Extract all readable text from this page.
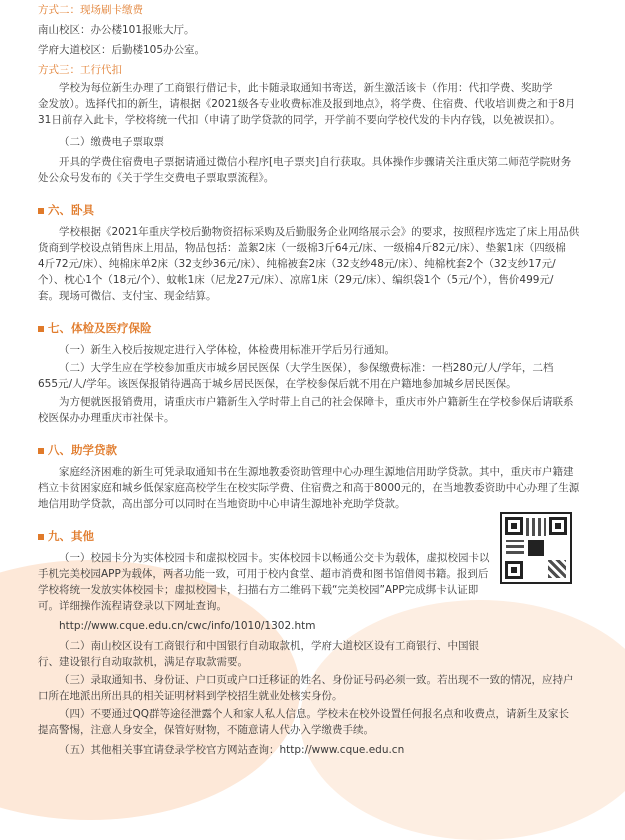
方式二：现场刷卡缴费
南山校区：办公楼101报账大厅。
学府大道校区：后勤楼105办公室。
方式三：工行代扣
学校为每位新生办理了工商银行借记卡，此卡随录取通知书寄送，新生激活该卡（作用：代扣学费、奖助学
金发放）。选择代扣的新生，请根据《2021级各专业收费标准及报到地点》，将学费、住宿费、代收培训费之和于8月
31日前存入此卡，学校将统一代扣（申请了助学贷款的同学，开学前不要向学校代发的卡内存钱，以免被误扣）。
（二）缴费电子票取票
开具的学费住宿费电子票据请通过微信小程序[电子票夹]自行获取。具体操作步骤请关注重庆第二师范学院财务
处公众号发布的《关于学生交费电子票取票流程》。
六、卧具
学校根据《2021年重庆学校后勤物资招标采购及后勤服务企业网络展示会》的要求，按照程序选定了床上用品供
货商到学校设点销售床上用品，物品包括：盖絮2床（一级棉3斤64元/床、一级棉4斤82元/床）、垫絮1床（四级棉
4斤72元/床）、纯棉床单2床（32支纱36元/床）、纯棉被套2床（32支纱48元/床）、纯棉枕套2个（32支纱17元/
个）、枕心1个（18元/个）、蚊帐1床（尼龙27元/床）、凉席1床（29元/床）、编织袋1个（5元/个），售价499元/
套。现场可微信、支付宝、现金结算。
七、体检及医疗保险
（一）新生入校后按规定进行入学体检，体检费用标准开学后另行通知。
（二）大学生应在学校参加重庆市城乡居民医保（大学生医保），参保缴费标准：一档280元/人/学年，二档
655元/人/学年。该医保报销待遇高于城乡居民医保，在学校参保后就不用在户籍地参加城乡居民医保。
为方便就医报销费用，请重庆市户籍新生入学时带上自己的社会保障卡，重庆市外户籍新生在学校参保后请联系
校医保办办理重庆市社保卡。
八、助学贷款
家庭经济困难的新生可凭录取通知书在生源地教委资助管理中心办理生源地信用助学贷款。其中，重庆市户籍建
档立卡贫困家庭和城乡低保家庭高校学生在校实际学费、住宿费之和高于8000元的，在当地教委资助中心办理了生源
地信用助学贷款，高出部分可以同时在当地资助中心申请生源地补充助学贷款。
九、其他
（一）校园卡分为实体校园卡和虚拟校园卡。实体校园卡以畅通公交卡为载体，虚拟校园卡以
手机完美校园APP为载体，两者功能一致，可用于校内食堂、超市消费和图书馆借阅书籍。报到后
学校将统一发放实体校园卡；虚拟校园卡，扫描右方二维码下载“完美校园”APP完成绑卡认证即
可。详细操作流程请登录以下网址查询。
http://www.cque.edu.cn/cwc/info/1010/1302.htm
（二）南山校区设有工商银行和中国银行自动取款机，学府大道校区设有工商银行、中国银
行、建设银行自动取款机，满足存取款需要。
（三）录取通知书、身份证、户口页或户口迁移证的姓名、身份证号码必须一致。若出现不一致的情况，应持户
口所在地派出所出具的相关证明材料到学校招生就业处核实身份。
（四）不要通过QQ群等途径泄露个人和家人私人信息。学校未在校外设置任何报名点和收费点，请新生及家长
提高警惕，注意人身安全，保管好财物，不随意请人代办入学缴费手续。
（五）其他相关事宜请登录学校官方网站查询：http://www.cque.edu.cn
